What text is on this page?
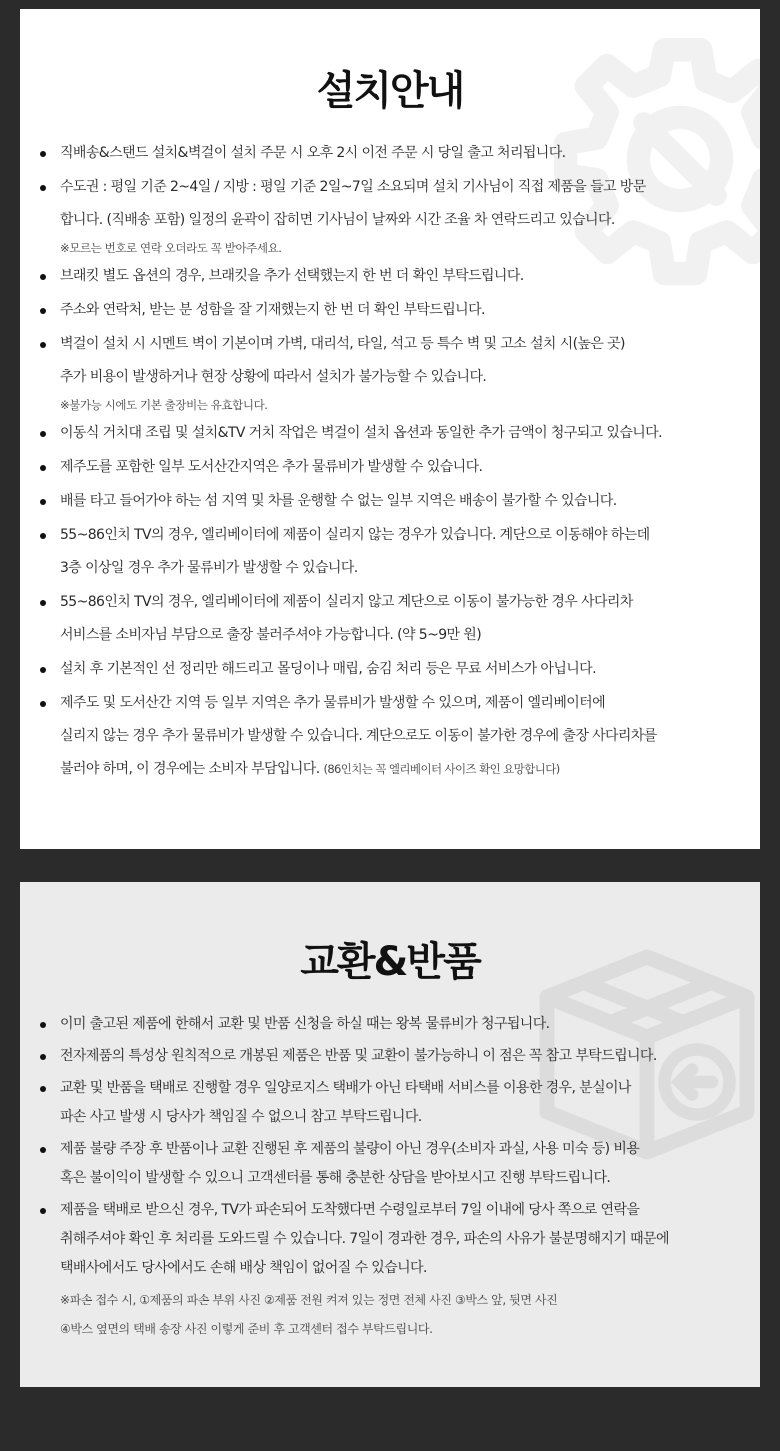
설치안내
직배송&스탠드 설치&벽걸이 설치 주문 시 오후 2시 이전 주문 시 당일 출고 처리됩니다.
수도권 : 평일 기준 2~4일 / 지방 : 평일 기준 2일~7일 소요되며 설치 기사님이 직접 제품을 들고 방문
합니다. (직배송 포함) 일정의 윤곽이 잡히면 기사님이 날짜와 시간 조율 차 연락드리고 있습니다.
※모르는 번호로 연락 오더라도 꼭 받아주세요.
브래킷 별도 옵션의 경우, 브래킷을 추가 선택했는지 한 번 더 확인 부탁드립니다.
주소와 연락처, 받는 분 성함을 잘 기재했는지 한 번 더 확인 부탁드립니다.
벽걸이 설치 시 시멘트 벽이 기본이며 가벽, 대리석, 타일, 석고 등 특수 벽 및 고소 설치 시(높은 곳)
추가 비용이 발생하거나 현장 상황에 따라서 설치가 불가능할 수 있습니다.
※불가능 시에도 기본 출장비는 유효합니다.
이동식 거치대 조립 및 설치&TV 거치 작업은 벽걸이 설치 옵션과 동일한 추가 금액이 청구되고 있습니다.
제주도를 포함한 일부 도서산간지역은 추가 물류비가 발생할 수 있습니다.
배를 타고 들어가야 하는 섬 지역 및 차를 운행할 수 없는 일부 지역은 배송이 불가할 수 있습니다.
55~86인치 TV의 경우, 엘리베이터에 제품이 실리지 않는 경우가 있습니다. 계단으로 이동해야 하는데
3층 이상일 경우 추가 물류비가 발생할 수 있습니다.
55~86인치 TV의 경우, 엘리베이터에 제품이 실리지 않고 계단으로 이동이 불가능한 경우 사다리차
서비스를 소비자님 부담으로 출장 불러주셔야 가능합니다. (약 5~9만 원)
설치 후 기본적인 선 정리만 해드리고 몰딩이나 매립, 숨김 처리 등은 무료 서비스가 아닙니다.
제주도 및 도서산간 지역 등 일부 지역은 추가 물류비가 발생할 수 있으며, 제품이 엘리베이터에
실리지 않는 경우 추가 물류비가 발생할 수 있습니다. 계단으로도 이동이 불가한 경우에 출장 사다리차를
불러야 하며, 이 경우에는 소비자 부담입니다. (86인치는 꼭 엘리베이터 사이즈 확인 요망합니다)
교환&반품
이미 출고된 제품에 한해서 교환 및 반품 신청을 하실 때는 왕복 물류비가 청구됩니다.
전자제품의 특성상 원칙적으로 개봉된 제품은 반품 및 교환이 불가능하니 이 점은 꼭 참고 부탁드립니다.
교환 및 반품을 택배로 진행할 경우 일양로지스 택배가 아닌 타택배 서비스를 이용한 경우, 분실이나
파손 사고 발생 시 당사가 책임질 수 없으니 참고 부탁드립니다.
제품 불량 주장 후 반품이나 교환 진행된 후 제품의 불량이 아닌 경우(소비자 과실, 사용 미숙 등) 비용
혹은 불이익이 발생할 수 있으니 고객센터를 통해 충분한 상담을 받아보시고 진행 부탁드립니다.
제품을 택배로 받으신 경우, TV가 파손되어 도착했다면 수령일로부터 7일 이내에 당사 쪽으로 연락을
취해주셔야 확인 후 처리를 도와드릴 수 있습니다. 7일이 경과한 경우, 파손의 사유가 불분명해지기 때문에
택배사에서도 당사에서도 손해 배상 책임이 없어질 수 있습니다.
※파손 접수 시, ①제품의 파손 부위 사진 ②제품 전원 켜져 있는 정면 전체 사진 ③박스 앞, 뒷면 사진
④박스 옆면의 택배 송장 사진 이렇게 준비 후 고객센터 접수 부탁드립니다.
